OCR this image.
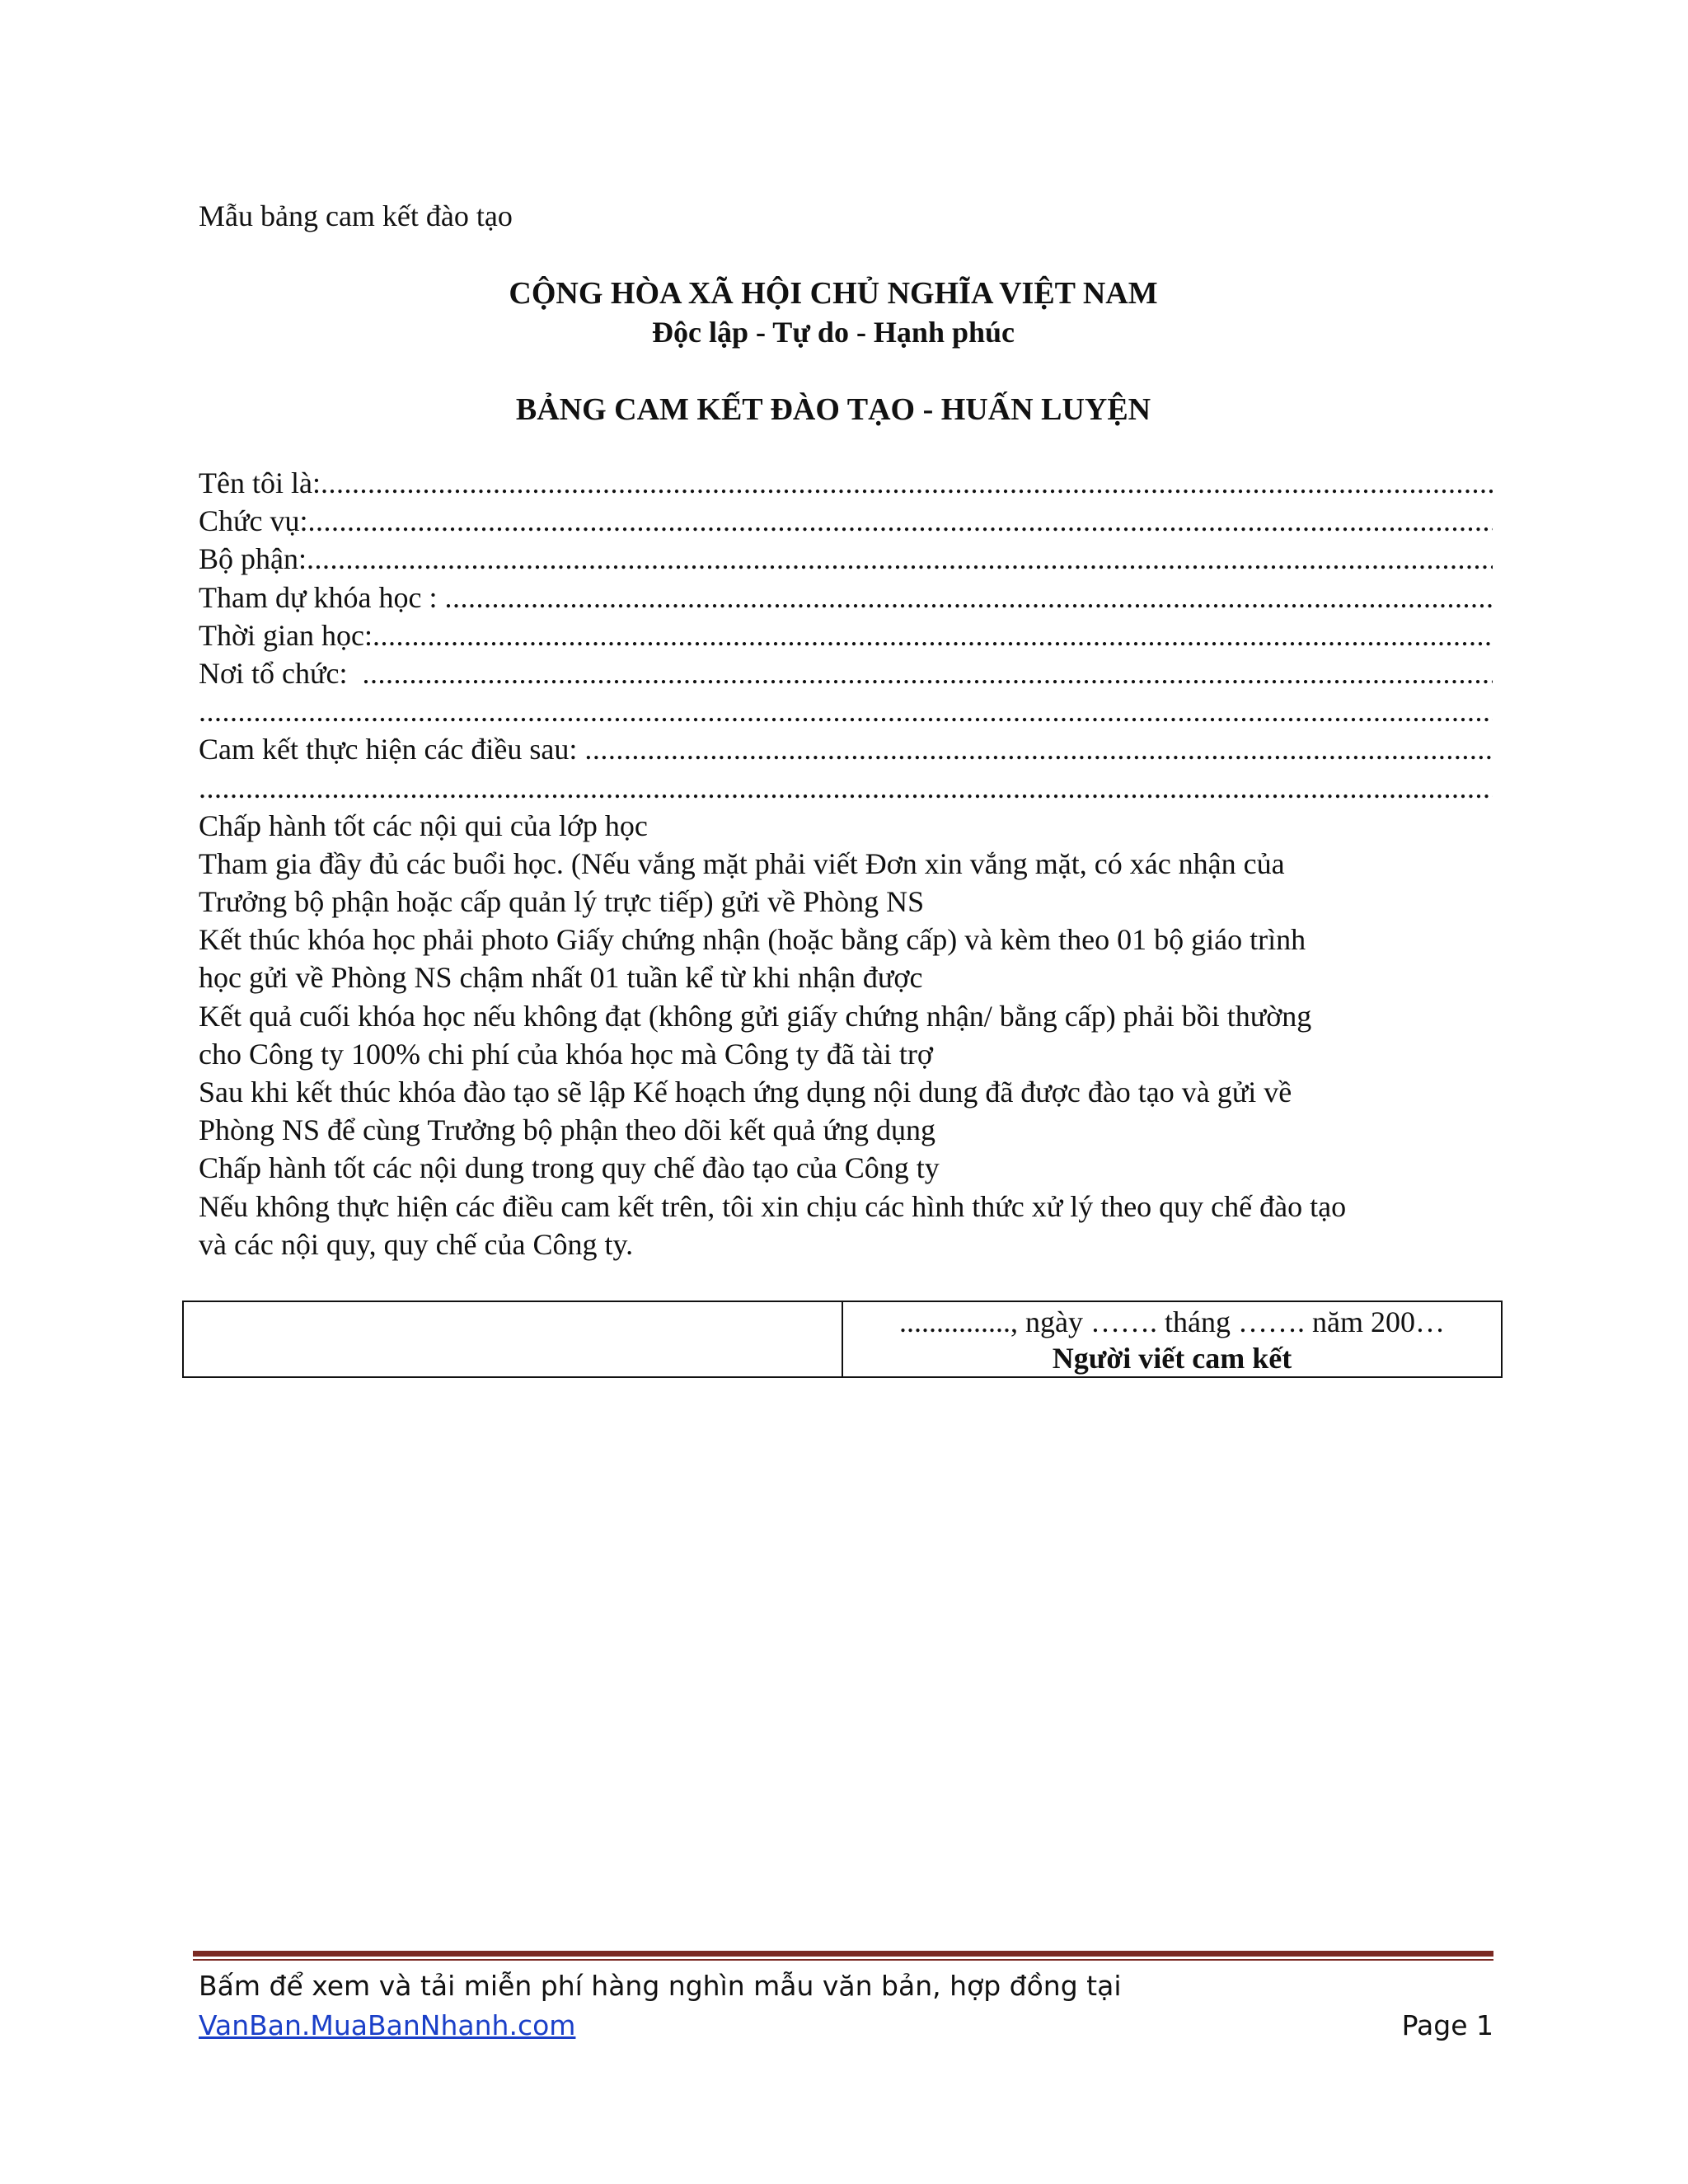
Mẫu bảng cam kết đào tạo
CỘNG HÒA XÃ HỘI CHỦ NGHĨA VIỆT NAM
Độc lập - Tự do - Hạnh phúc
BẢNG CAM KẾT ĐÀO TẠO - HUẤN LUYỆN
Tên tôi là:
.....
Chức vụ:
.....
Bộ phận:
.....
Tham dự khóa học :
.....
Thời gian học:
.....
Nơi tổ chức:
.....
.....
Cam kết thực hiện các điều sau:
.....
.....
Chấp hành tốt các nội qui của lớp học
Tham gia đầy đủ các buổi học. (Nếu vắng mặt phải viết Đơn xin vắng mặt, có xác nhận của
Trưởng bộ phận hoặc cấp quản lý trực tiếp) gửi về Phòng NS
Kết thúc khóa học phải photo Giấy chứng nhận (hoặc bằng cấp) và kèm theo 01 bộ giáo trình
học gửi về Phòng NS chậm nhất 01 tuần kể từ khi nhận được
Kết quả cuối khóa học nếu không đạt (không gửi giấy chứng nhận/ bằng cấp) phải bồi thường
cho Công ty 100% chi phí của khóa học mà Công ty đã tài trợ
Sau khi kết thúc khóa đào tạo sẽ lập Kế hoạch ứng dụng nội dung đã được đào tạo và gửi về
Phòng NS để cùng Trưởng bộ phận theo dõi kết quả ứng dụng
Chấp hành tốt các nội dung trong quy chế đào tạo của Công ty
Nếu không thực hiện các điều cam kết trên, tôi xin chịu các hình thức xử lý theo quy chế đào tạo
và các nội quy, quy chế của Công ty.
..............., ngày ……. tháng ……. năm 200…
Người viết cam kết
Bấm để xem và tải miễn phí hàng nghìn mẫu văn bản, hợp đồng tại
VanBan.MuaBanNhanh.com	Page 1
